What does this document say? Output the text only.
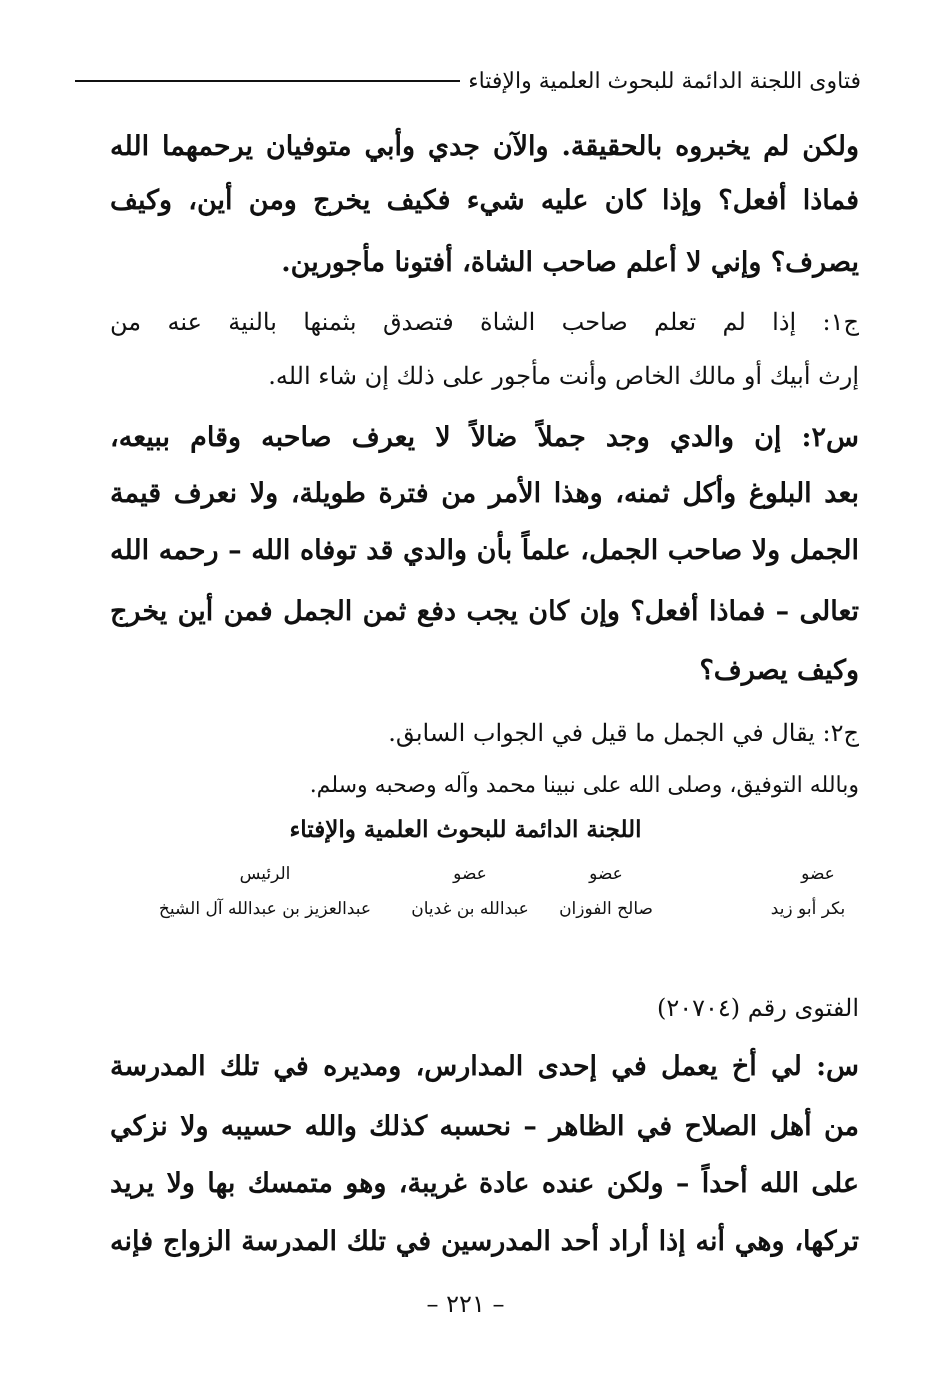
فتاوى اللجنة الدائمة للبحوث العلمية والإفتاء
ولكن لم يخبروه بالحقيقة. والآن جدي وأبي متوفيان يرحمهما الله
فماذا أفعل؟ وإذا كان عليه شيء فكيف يخرج ومن أين، وكيف
يصرف؟ وإني لا أعلم صاحب الشاة، أفتونا مأجورين.
ج١: إذا لم تعلم صاحب الشاة فتصدق بثمنها بالنية عنه من
إرث أبيك أو مالك الخاص وأنت مأجور على ذلك إن شاء الله.
س٢: إن والدي وجد جملاً ضالاً لا يعرف صاحبه وقام ببيعه،
بعد البلوغ وأكل ثمنه، وهذا الأمر من فترة طويلة، ولا نعرف قيمة
الجمل ولا صاحب الجمل، علماً بأن والدي قد توفاه الله – رحمه الله
تعالى – فماذا أفعل؟ وإن كان يجب دفع ثمن الجمل فمن أين يخرج
وكيف يصرف؟
ج٢: يقال في الجمل ما قيل في الجواب السابق.
وبالله التوفيق، وصلى الله على نبينا محمد وآله وصحبه وسلم.
اللجنة الدائمة للبحوث العلمية والإفتاء
عضو
بكر أبو زيد
عضو
صالح الفوزان
عضو
عبدالله بن غديان
الرئيس
عبدالعزيز بن عبدالله آل الشيخ
الفتوى رقم (٢٠٧٠٤)
س: لي أخ يعمل في إحدى المدارس، ومديره في تلك المدرسة
من أهل الصلاح في الظاهر – نحسبه كذلك والله حسيبه ولا نزكي
على الله أحداً – ولكن عنده عادة غريبة، وهو متمسك بها ولا يريد
تركها، وهي أنه إذا أراد أحد المدرسين في تلك المدرسة الزواج فإنه
– ٢٢١ –
